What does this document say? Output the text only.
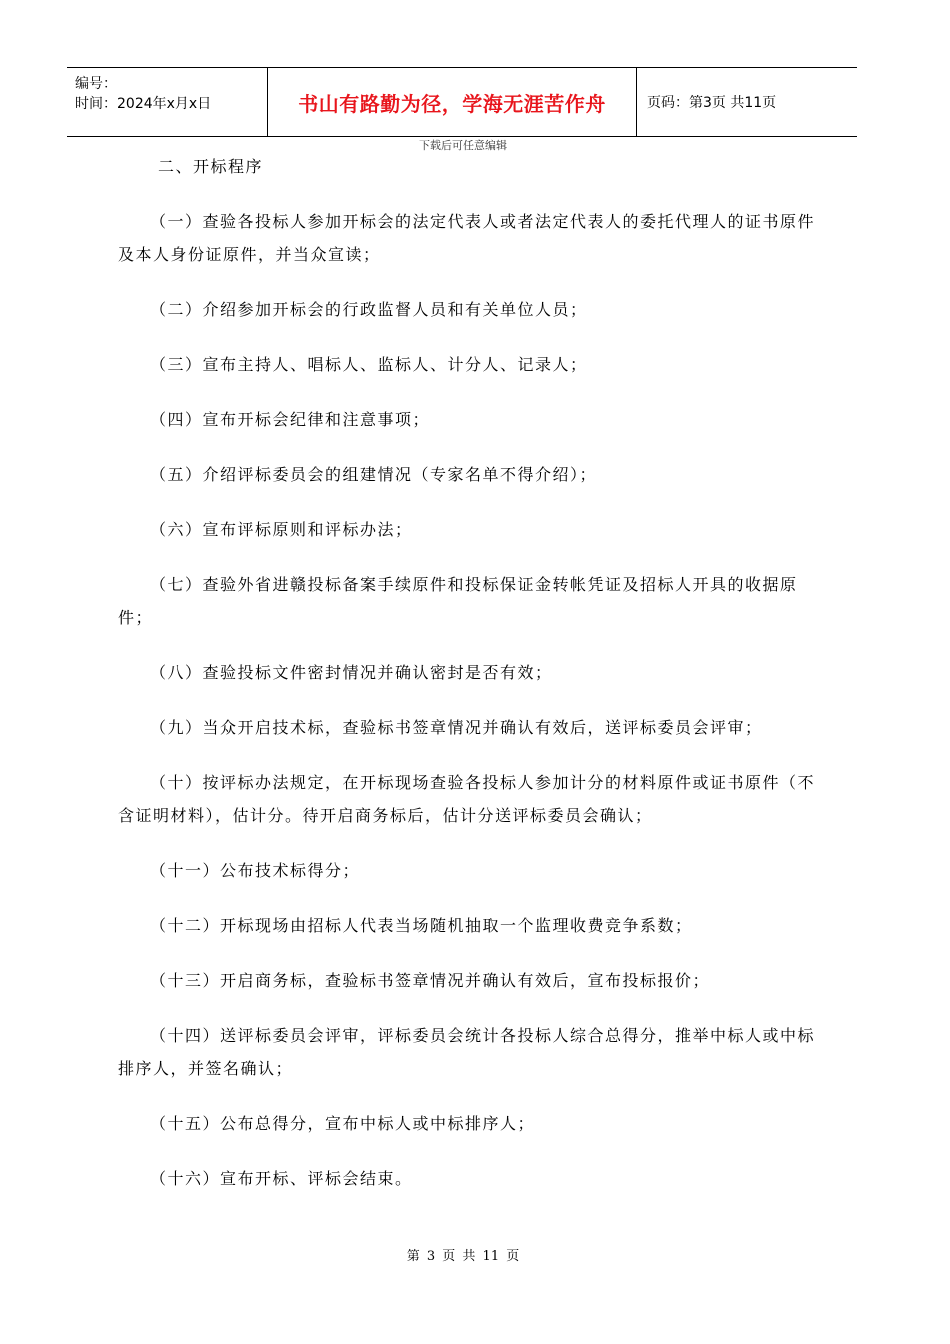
编号：
时间：2024年x月x日	书山有路勤为径，学海无涯苦作舟	页码：第3页 共11页
下载后可任意编辑

二、开标程序

（一）查验各投标人参加开标会的法定代表人或者法定代表人的委托代理人的证书原件及本人身份证原件，并当众宣读；

（二）介绍参加开标会的行政监督人员和有关单位人员；

（三）宣布主持人、唱标人、监标人、计分人、记录人；

（四）宣布开标会纪律和注意事项；

（五）介绍评标委员会的组建情况（专家名单不得介绍）；

（六）宣布评标原则和评标办法；

（七）查验外省进赣投标备案手续原件和投标保证金转帐凭证及招标人开具的收据原件；

（八）查验投标文件密封情况并确认密封是否有效；

（九）当众开启技术标，查验标书签章情况并确认有效后，送评标委员会评审；

（十）按评标办法规定，在开标现场查验各投标人参加计分的材料原件或证书原件（不含证明材料），估计分。待开启商务标后，估计分送评标委员会确认；

（十一）公布技术标得分；

（十二）开标现场由招标人代表当场随机抽取一个监理收费竞争系数；

（十三）开启商务标，查验标书签章情况并确认有效后，宣布投标报价；

（十四）送评标委员会评审，评标委员会统计各投标人综合总得分，推举中标人或中标排序人，并签名确认；

（十五）公布总得分，宣布中标人或中标排序人；

（十六）宣布开标、评标会结束。

第 3 页 共 11 页
